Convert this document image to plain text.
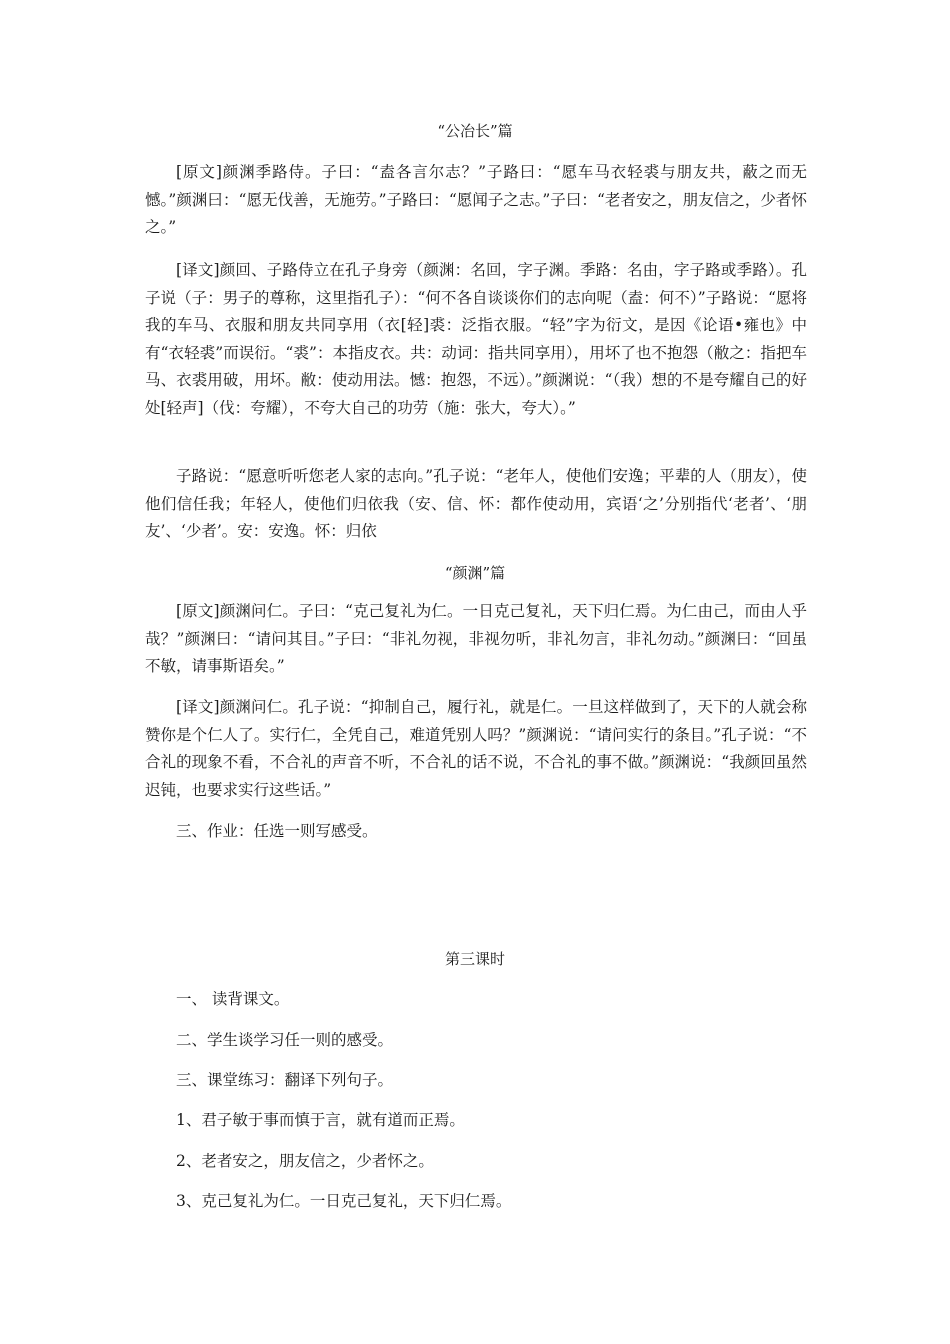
“公冶长”篇

[原文]颜渊季路侍。子曰：“盍各言尔志？”子路曰：“愿车马衣轻裘与朋友共，蔽之而无憾。”颜渊曰：“愿无伐善，无施劳。”子路曰：“愿闻子之志。”子曰：“老者安之，朋友信之，少者怀之。”

[译文]颜回、子路侍立在孔子身旁（颜渊：名回，字子渊。季路：名由，字子路或季路）。孔子说（子：男子的尊称，这里指孔子）：“何不各自谈谈你们的志向呢（盍：何不）”子路说：“愿将我的车马、衣服和朋友共同享用（衣[轻]裘：泛指衣服。“轻”字为衍文，是因《论语•雍也》中有“衣轻裘”而误衍。“裘”：本指皮衣。共：动词：指共同享用），用坏了也不抱怨（敝之：指把车马、衣裘用破，用坏。敝：使动用法。憾：抱怨，不远）。”颜渊说：“（我）想的不是夸耀自己的好处[轻声]（伐：夸耀），不夸大自己的功劳（施：张大，夸大）。”

子路说：“愿意听听您老人家的志向。”孔子说：“老年人，使他们安逸；平辈的人（朋友），使他们信任我；年轻人，使他们归依我（安、信、怀：都作使动用，宾语‘之’分别指代‘老者’、‘朋友’、‘少者’。安：安逸。怀：归依

“颜渊”篇

[原文]颜渊问仁。子曰：“克己复礼为仁。一日克己复礼，天下归仁焉。为仁由己，而由人乎哉？”颜渊曰：“请问其目。”子曰：“非礼勿视，非视勿听，非礼勿言，非礼勿动。”颜渊曰：“回虽不敏，请事斯语矣。”

[译文]颜渊问仁。孔子说：“抑制自己，履行礼，就是仁。一旦这样做到了，天下的人就会称赞你是个仁人了。实行仁，全凭自己，难道凭别人吗？”颜渊说：“请问实行的条目。”孔子说：“不合礼的现象不看，不合礼的声音不听，不合礼的话不说，不合礼的事不做。”颜渊说：“我颜回虽然迟钝，也要求实行这些话。”

三、作业：任选一则写感受。
第三课时
一、 读背课文。
二、学生谈学习任一则的感受。
三、课堂练习：翻译下列句子。
1、君子敏于事而慎于言，就有道而正焉。
2、老者安之，朋友信之，少者怀之。
3、克己复礼为仁。一日克己复礼，天下归仁焉。
